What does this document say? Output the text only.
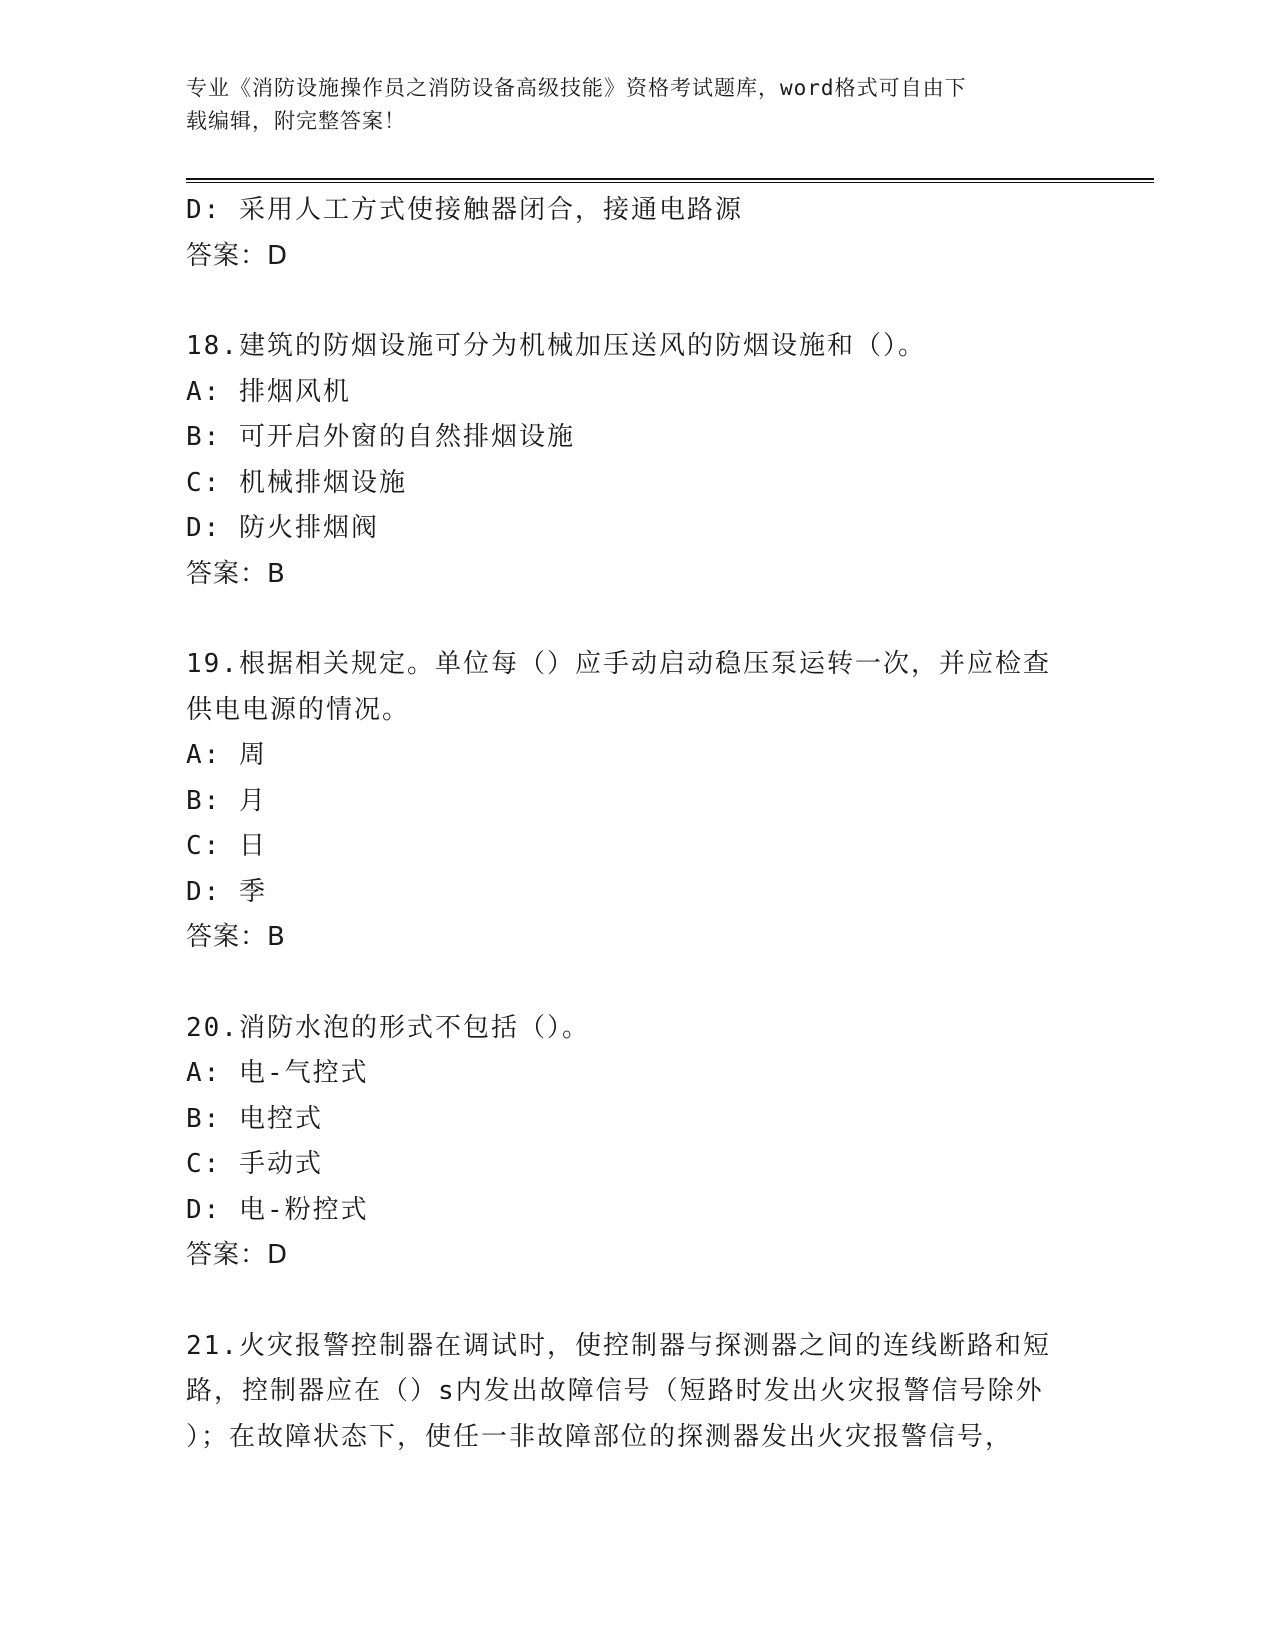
专业《消防设施操作员之消防设备高级技能》资格考试题库，word格式可自由下
载编辑，附完整答案！
D: 采用人工方式使接触器闭合，接通电路源
答案：D
18.建筑的防烟设施可分为机械加压送风的防烟设施和（）。
A: 排烟风机
B: 可开启外窗的自然排烟设施
C: 机械排烟设施
D: 防火排烟阀
答案：B
19.根据相关规定。单位每（）应手动启动稳压泵运转一次，并应检查
供电电源的情况。
A: 周
B: 月
C: 日
D: 季
答案：B
20.消防水泡的形式不包括（）。
A: 电-气控式
B: 电控式
C: 手动式
D: 电-粉控式
答案：D
21.火灾报警控制器在调试时，使控制器与探测器之间的连线断路和短
路，控制器应在（）s内发出故障信号（短路时发出火灾报警信号除外
）；在故障状态下，使任一非故障部位的探测器发出火灾报警信号，
